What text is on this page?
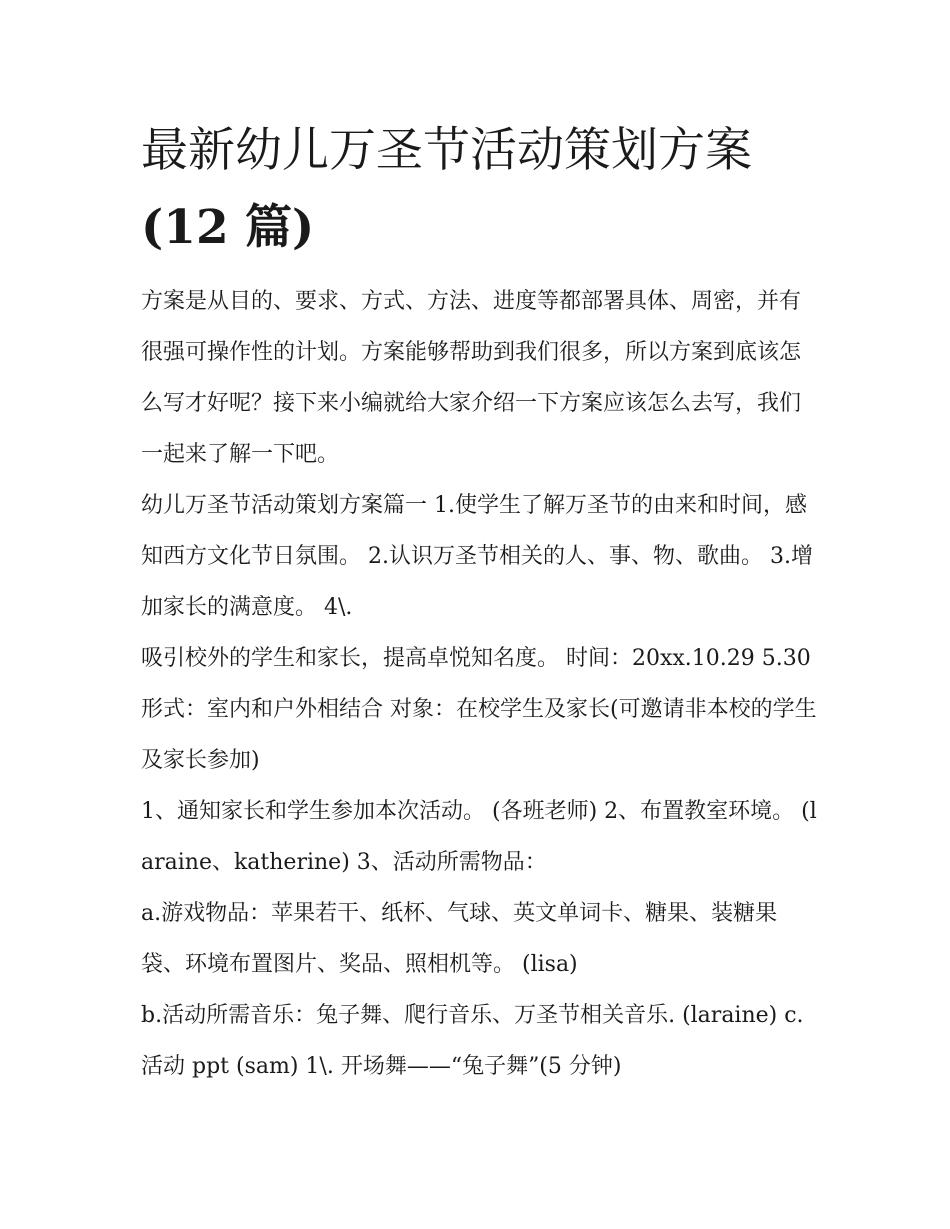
最新幼儿万圣节活动策划方案
(12 篇)

方案是从目的、要求、方式、方法、进度等都部署具体、周密，并有很强可操作性的计划。方案能够帮助到我们很多，所以方案到底该怎么写才好呢？接下来小编就给大家介绍一下方案应该怎么去写，我们一起来了解一下吧。

幼儿万圣节活动策划方案篇一 1.使学生了解万圣节的由来和时间，感知西方文化节日氛围。 2.认识万圣节相关的人、事、物、歌曲。 3.增加家长的满意度。 4\.

吸引校外的学生和家长，提高卓悦知名度。 时间：20xx.10.29 5.30 形式：室内和户外相结合 对象：在校学生及家长(可邀请非本校的学生及家长参加)

1、通知家长和学生参加本次活动。 (各班老师) 2、布置教室环境。 (laraine、katherine) 3、活动所需物品：

a.游戏物品：苹果若干、纸杯、气球、英文单词卡、糖果、装糖果袋、环境布置图片、奖品、照相机等。 (lisa)

b.活动所需音乐：兔子舞、爬行音乐、万圣节相关音乐. (laraine) c.活动 ppt (sam) 1\. 开场舞——“兔子舞”(5 分钟)
